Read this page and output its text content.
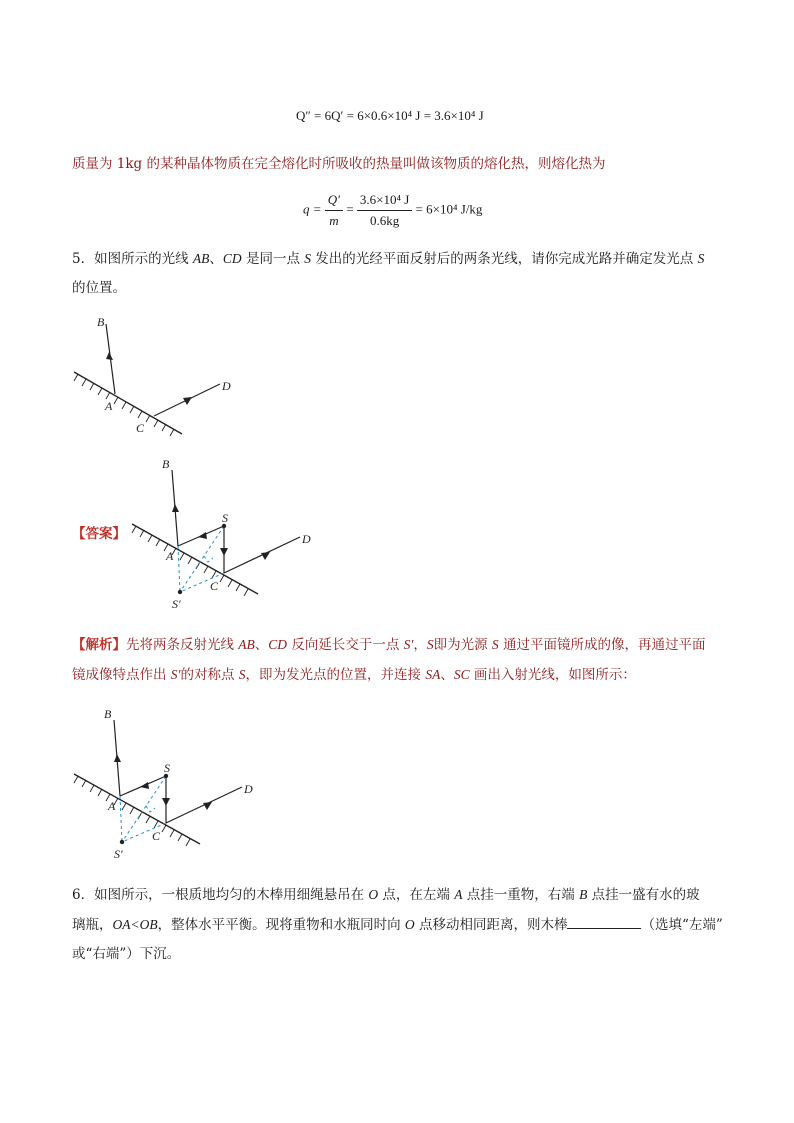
Q″ = 6Q′ = 6×0.6×10⁴ J = 3.6×10⁴ J
质量为 1kg 的某种晶体物质在完全熔化时所吸收的热量叫做该物质的熔化热，则熔化热为
$q = \frac{Q'}{m} = \frac{\text{3.6×10⁴ J}}{0.6kg} = 6\times 10^4$ J/kg
5．如图所示的光线 AB、CD 是同一点 S 发出的光经平面反射后的两条光线，请你完成光路并确定发光点 S
的位置。
B
A
C
D
【答案】
B
A
C
D
S
S′
【解析】先将两条反射光线 AB、CD 反向延长交于一点 S′，S即为光源 S 通过平面镜所成的像，再通过平面
镜成像特点作出 S′的对称点 S，即为发光点的位置，并连接 SA、SC 画出入射光线，如图所示：
B
A
C
D
S
S′
6．如图所示，一根质地均匀的木棒用细绳悬吊在 O 点，在左端 A 点挂一重物，右端 B 点挂一盛有水的玻
璃瓶，OA<OB，整体水平平衡。现将重物和水瓶同时向 O 点移动相同距离，则木棒	（选填“左端”
或“右端”）下沉。
